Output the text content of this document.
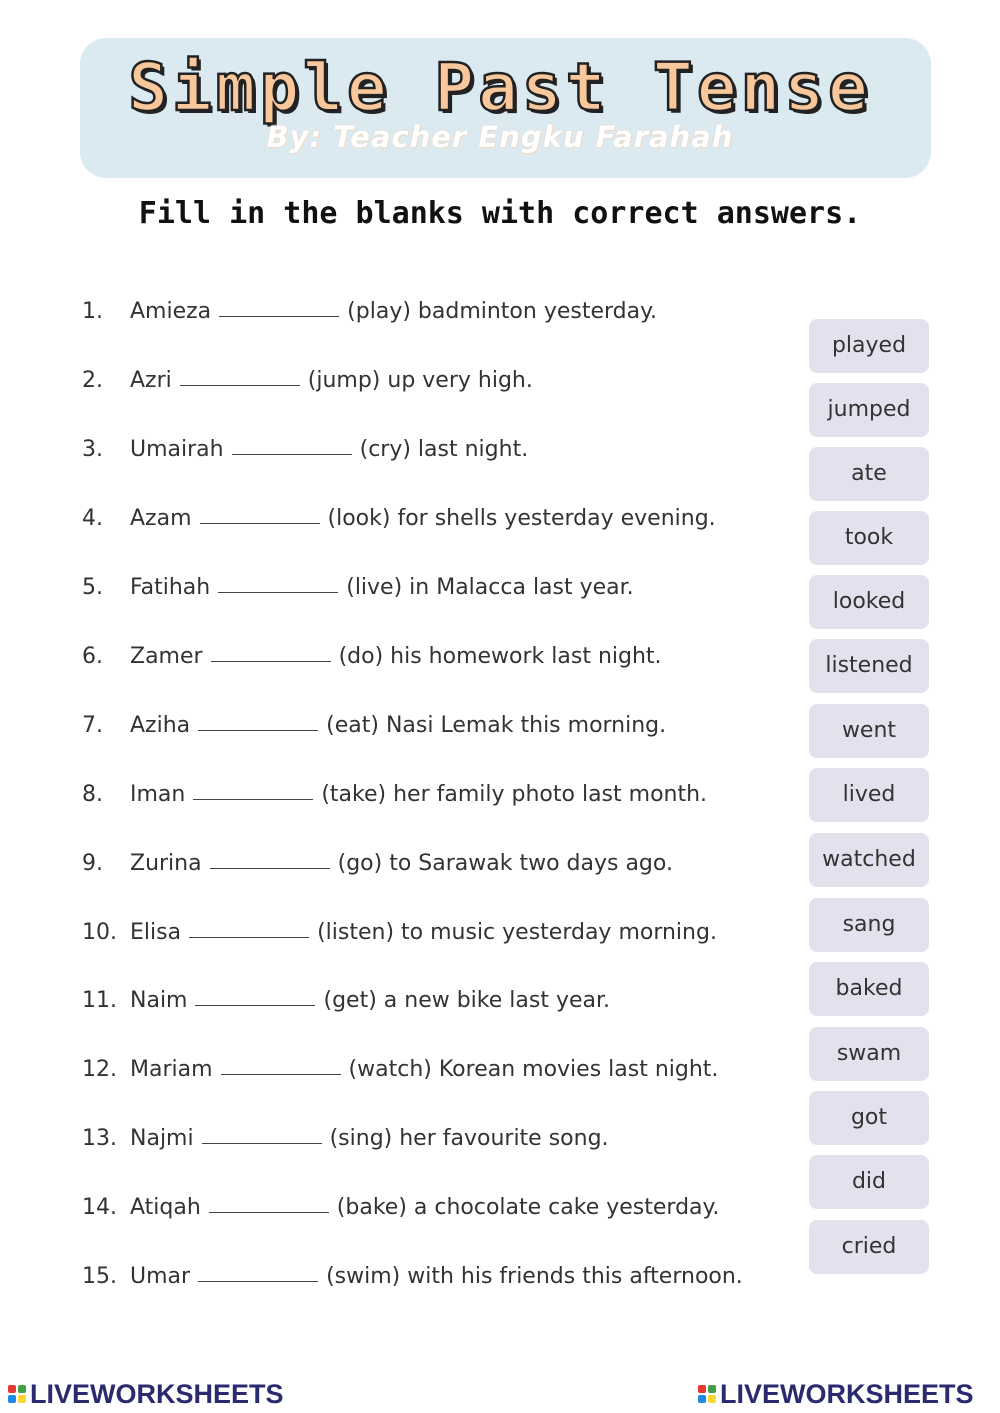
Simple Past Tense
By: Teacher Engku Farahah
Fill in the blanks with correct answers.
1. Amieza	(play) badminton yesterday.
2. Azri	(jump) up very high.
3. Umairah	(cry) last night.
4. Azam	(look) for shells yesterday evening.
5. Fatihah	(live) in Malacca last year.
6. Zamer	(do) his homework last night.
7. Aziha	(eat) Nasi Lemak this morning.
8. Iman	(take) her family photo last month.
9. Zurina	(go) to Sarawak two days ago.
10. Elisa	(listen) to music yesterday morning.
11. Naim	(get) a new bike last year.
12. Mariam	(watch) Korean movies last night.
13. Najmi	(sing) her favourite song.
14. Atiqah	(bake) a chocolate cake yesterday.
15. Umar	(swim) with his friends this afternoon.
played
jumped
ate
took
looked
listened
went
lived
watched
sang
baked
swam
got
did
cried
LIVEWORKSHEETS	LIVEWORKSHEETS
